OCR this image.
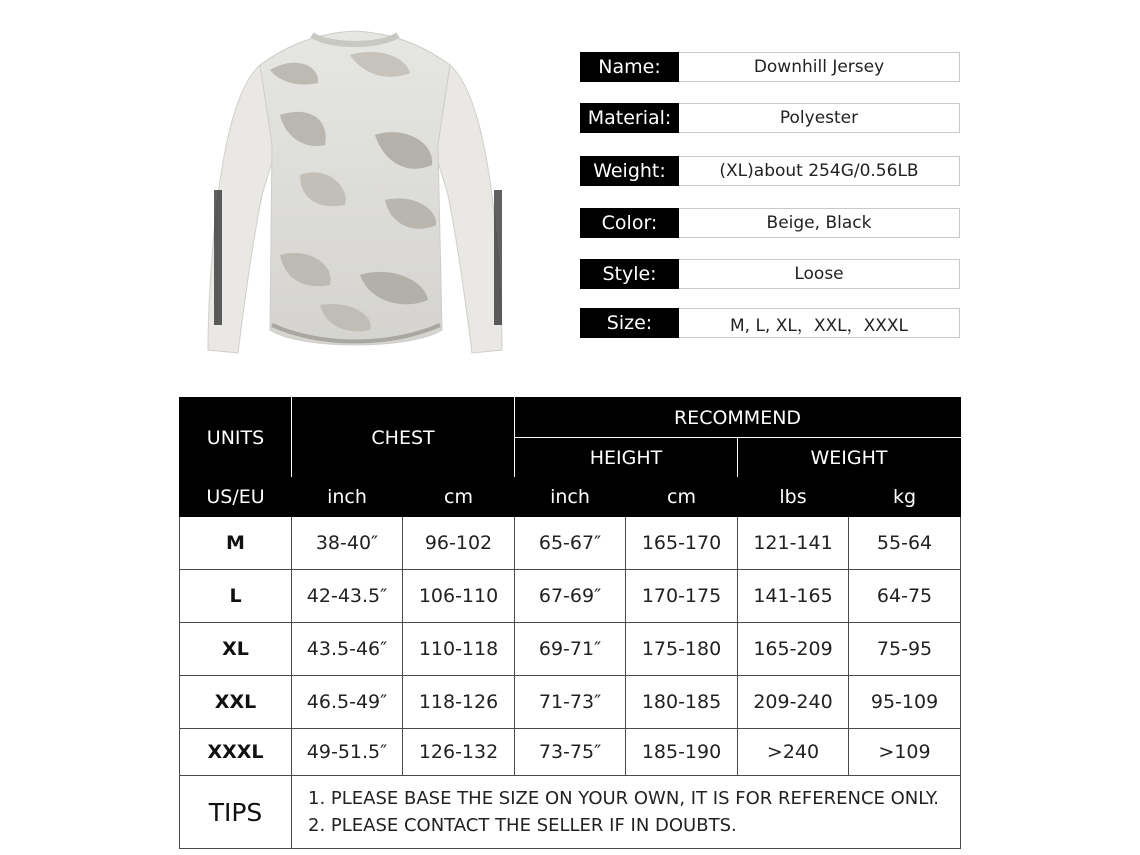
Name:	Downhill Jersey
Material:	Polyester
Weight:	(XL)about 254G/0.56LB
Color:	Beige, Black
Style:	Loose
Size:	M, L, XL，XXL，XXXL
UNITS	CHEST		RECOMMEND			
			HEIGHT		WEIGHT	
US/EU	inch	cm	inch	cm	lbs	kg
M	38-40″	96-102	65-67″	165-170	121-141	55-64
L	42-43.5″	106-110	67-69″	170-175	141-165	64-75
XL	43.5-46″	110-118	69-71″	175-180	165-209	75-95
XXL	46.5-49″	118-126	71-73″	180-185	209-240	95-109
XXXL	49-51.5″	126-132	73-75″	185-190	>240	>109
TIPS	1. PLEASE BASE THE SIZE ON YOUR OWN, IT IS FOR REFERENCE ONLY.
2. PLEASE CONTACT THE SELLER IF IN DOUBTS.					
